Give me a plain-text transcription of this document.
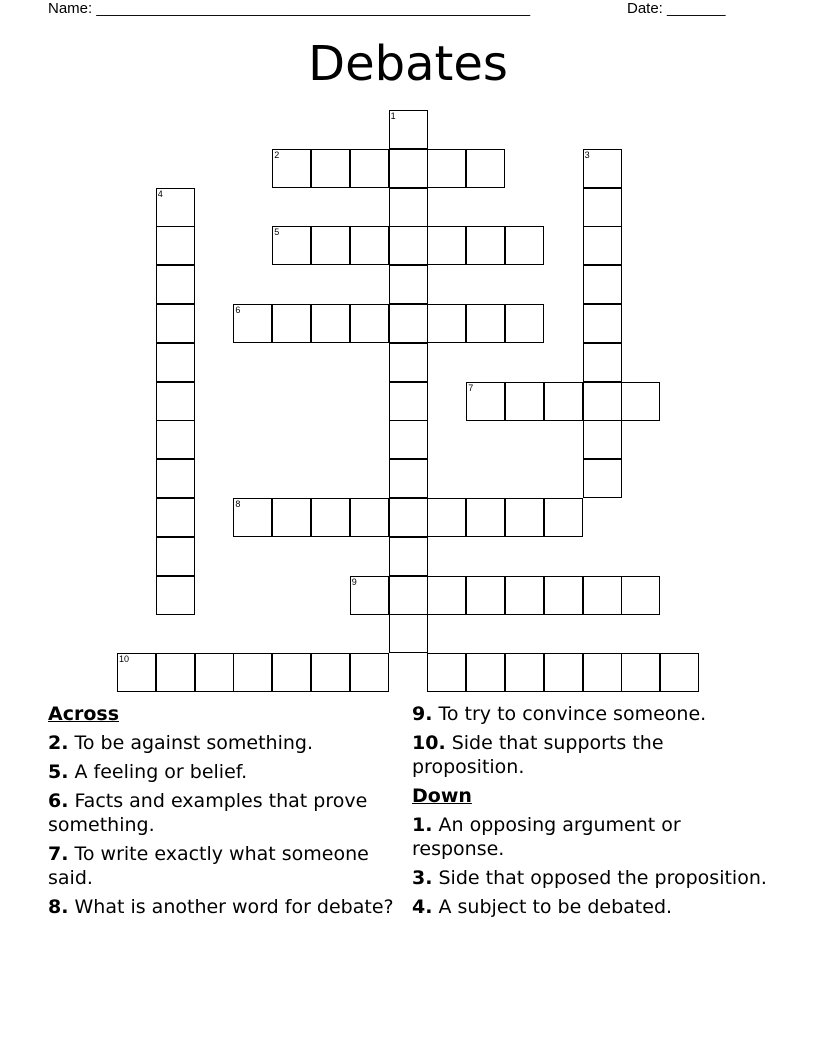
Name: ____________________________________________________	Date: _______
Debates
1
2	3
4
5
6
7
8
9
10
Across
2. To be against something.
5. A feeling or belief.
6. Facts and examples that prove something.
7. To write exactly what someone said.
8. What is another word for debate?
9. To try to convince someone.
10. Side that supports the proposition.
Down
1. An opposing argument or response.
3. Side that opposed the proposition.
4. A subject to be debated.
